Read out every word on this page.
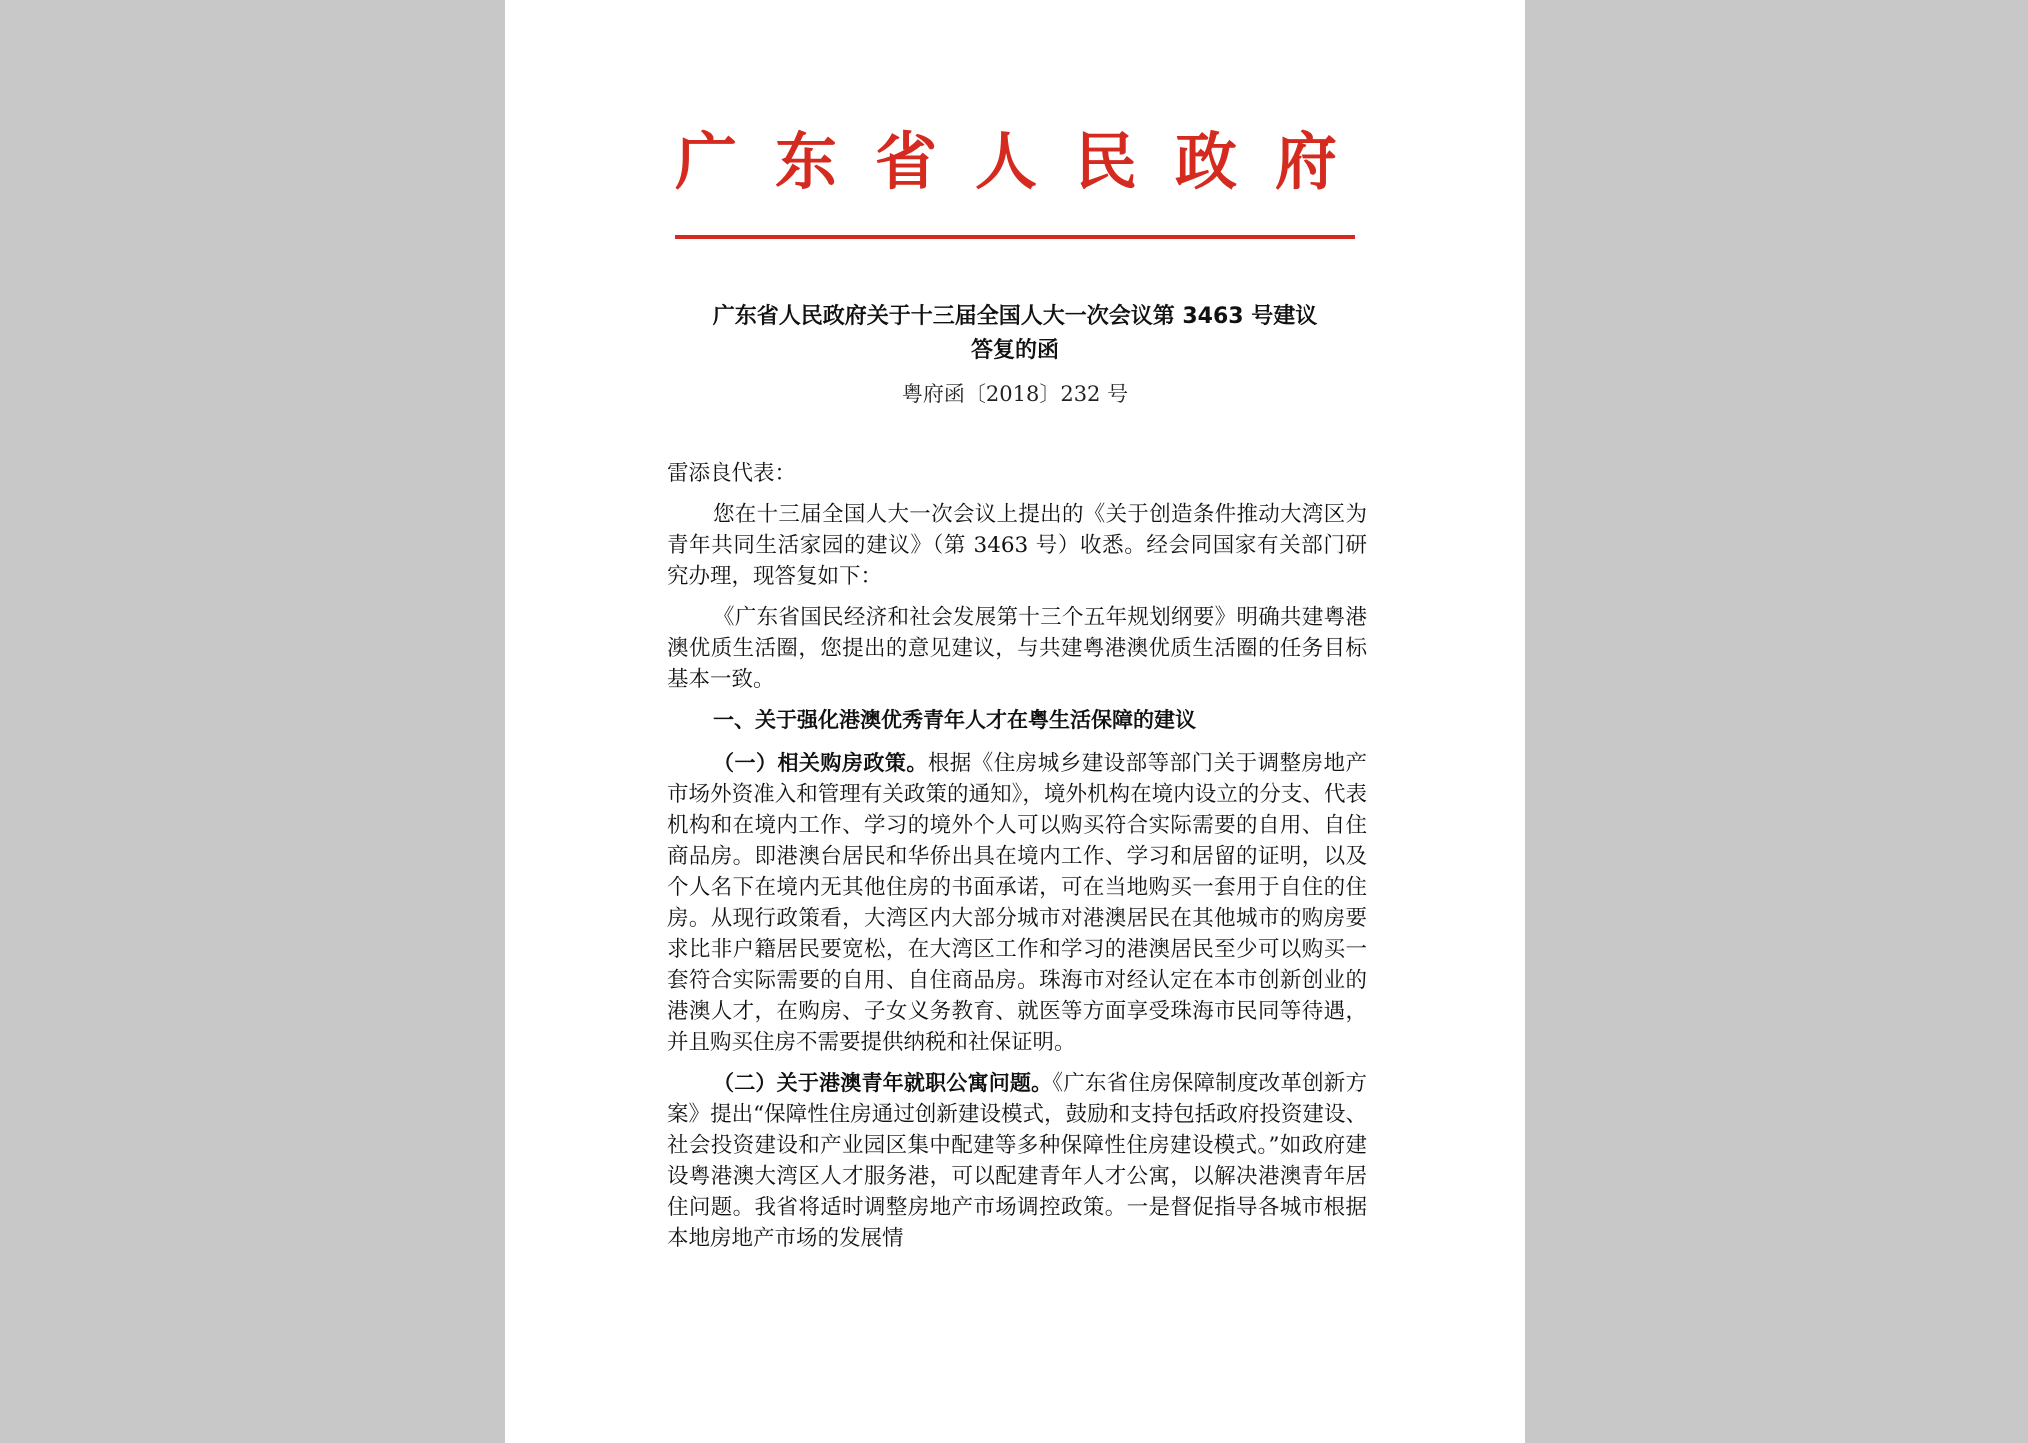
广东省人民政府
广东省人民政府关于十三届全国人大一次会议第 3463 号建议
答复的函
粤府函〔2018〕232 号

雷添良代表：

您在十三届全国人大一次会议上提出的《关于创造条件推动大湾区为青年共同生活家园的建议》（第 3463 号）收悉。经会同国家有关部门研究办理，现答复如下：

《广东省国民经济和社会发展第十三个五年规划纲要》明确共建粤港澳优质生活圈，您提出的意见建议，与共建粤港澳优质生活圈的任务目标基本一致。

一、关于强化港澳优秀青年人才在粤生活保障的建议

（一）相关购房政策。根据《住房城乡建设部等部门关于调整房地产市场外资准入和管理有关政策的通知》，境外机构在境内设立的分支、代表机构和在境内工作、学习的境外个人可以购买符合实际需要的自用、自住商品房。即港澳台居民和华侨出具在境内工作、学习和居留的证明，以及个人名下在境内无其他住房的书面承诺，可在当地购买一套用于自住的住房。从现行政策看，大湾区内大部分城市对港澳居民在其他城市的购房要求比非户籍居民要宽松，在大湾区工作和学习的港澳居民至少可以购买一套符合实际需要的自用、自住商品房。珠海市对经认定在本市创新创业的港澳人才，在购房、子女义务教育、就医等方面享受珠海市民同等待遇，并且购买住房不需要提供纳税和社保证明。

（二）关于港澳青年就职公寓问题。《广东省住房保障制度改革创新方案》提出“保障性住房通过创新建设模式，鼓励和支持包括政府投资建设、社会投资建设和产业园区集中配建等多种保障性住房建设模式。”如政府建设粤港澳大湾区人才服务港，可以配建青年人才公寓，以解决港澳青年居住问题。我省将适时调整房地产市场调控政策。一是督促指导各城市根据本地房地产市场的发展情
